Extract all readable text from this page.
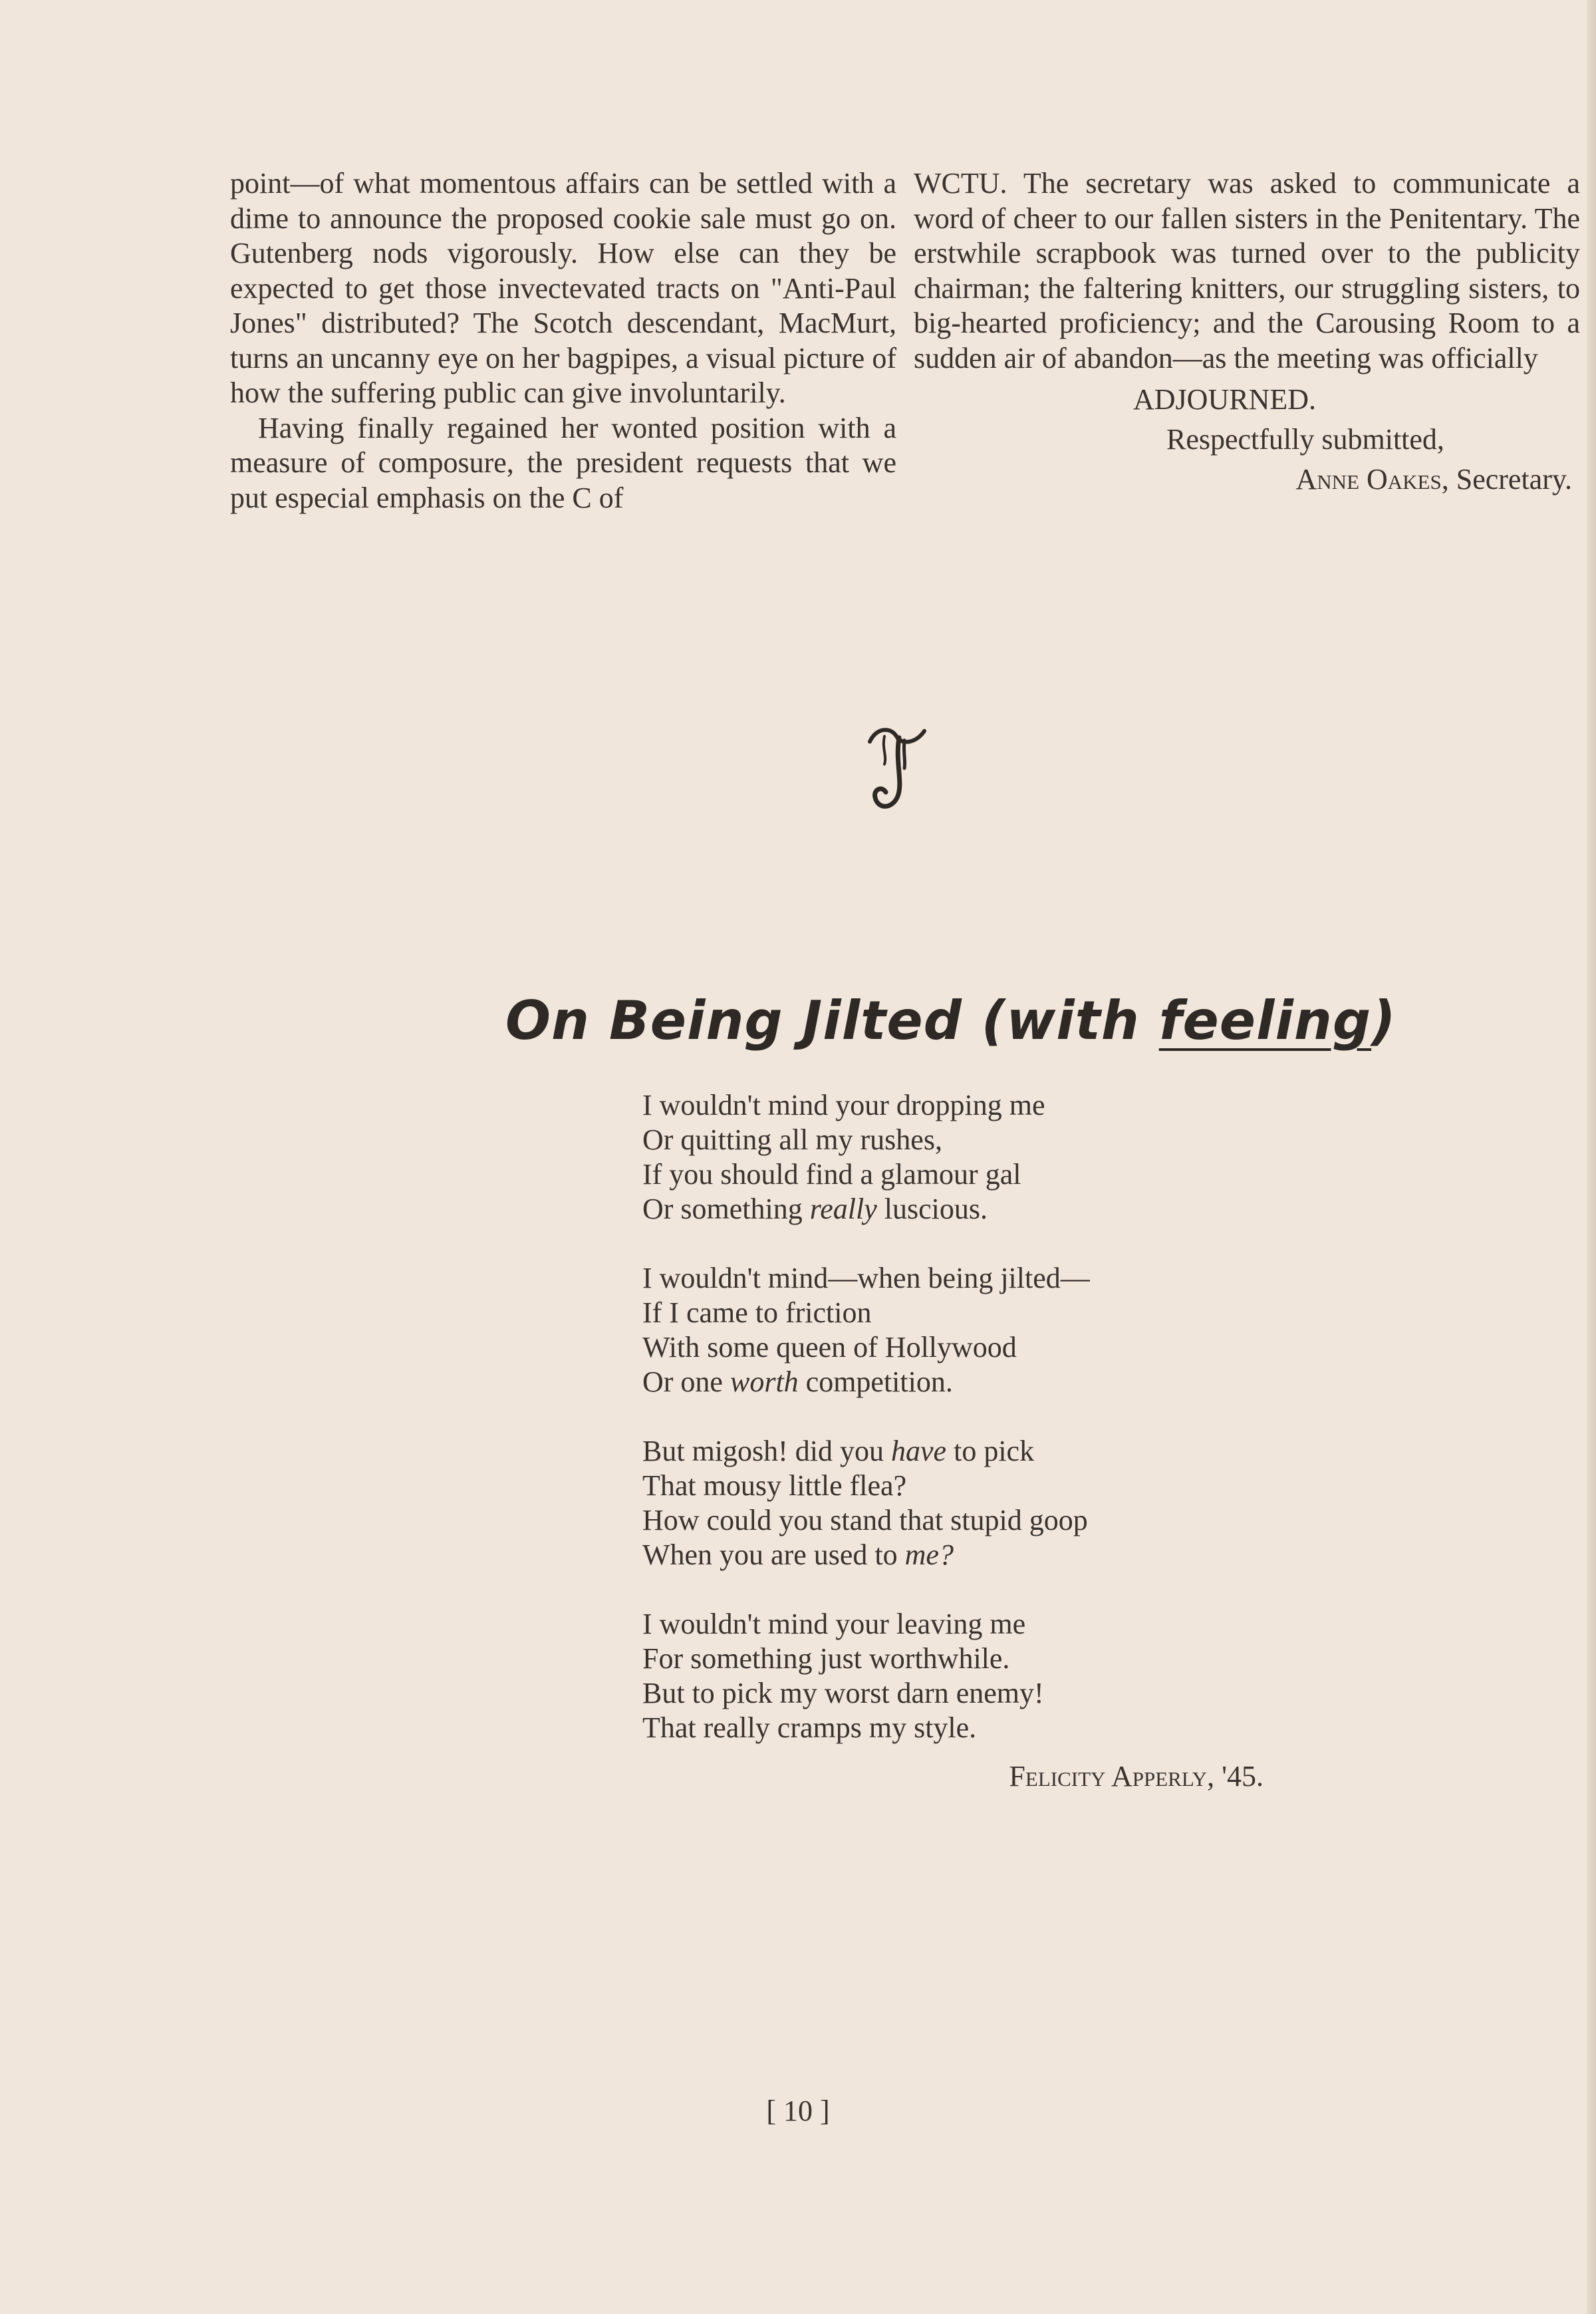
point—of what momentous affairs can be settled with a dime to announce the proposed cookie sale must go on. Gutenberg nods vigorously. How else can they be expected to get those invectevated tracts on "Anti-Paul Jones" distributed? The Scotch descendant, MacMurt, turns an uncanny eye on her bagpipes, a visual picture of how the suffering public can give involuntarily.

Having finally regained her wonted position with a measure of composure, the president requests that we put especial emphasis on the C of

WCTU. The secretary was asked to communicate a word of cheer to our fallen sisters in the Penitentary. The erstwhile scrapbook was turned over to the publicity chairman; the faltering knitters, our struggling sisters, to big-hearted proficiency; and the Carousing Room to a sudden air of abandon—as the meeting was officially

ADJOURNED.
Respectfully submitted,
Anne Oakes, Secretary.
On Being Jilted (with feeling)
I wouldn't mind your dropping me
Or quitting all my rushes,
If you should find a glamour gal
Or something really luscious.
I wouldn't mind—when being jilted—
If I came to friction
With some queen of Hollywood
Or one worth competition.
But migosh! did you have to pick
That mousy little flea?
How could you stand that stupid goop
When you are used to me?
I wouldn't mind your leaving me
For something just worthwhile.
But to pick my worst darn enemy!
That really cramps my style.
Felicity Apperly, '45.
[ 10 ]
